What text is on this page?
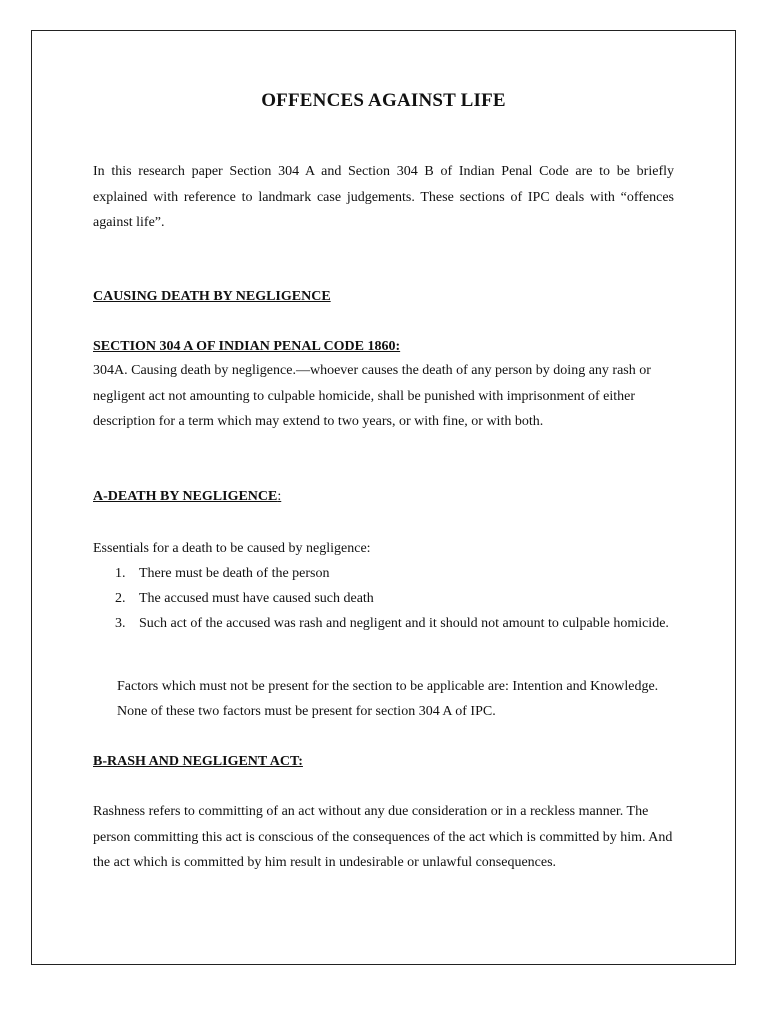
OFFENCES AGAINST LIFE

In this research paper Section 304 A and Section 304 B of Indian Penal Code are to be briefly explained with reference to landmark case judgements. These sections of IPC deals with “offences against life”.

CAUSING DEATH BY NEGLIGENCE

SECTION 304 A OF INDIAN PENAL CODE 1860:

304A. Causing death by negligence.—whoever causes the death of any person by doing any rash or negligent act not amounting to culpable homicide, shall be punished with imprisonment of either description for a term which may extend to two years, or with fine, or with both.

A-DEATH BY NEGLIGENCE:

Essentials for a death to be caused by negligence:

1. There must be death of the person
2. The accused must have caused such death
3. Such act of the accused was rash and negligent and it should not amount to culpable homicide.

Factors which must not be present for the section to be applicable are: Intention and Knowledge. None of these two factors must be present for section 304 A of IPC.

B-RASH AND NEGLIGENT ACT:

Rashness refers to committing of an act without any due consideration or in a reckless manner. The person committing this act is conscious of the consequences of the act which is committed by him. And the act which is committed by him result in undesirable or unlawful consequences.
